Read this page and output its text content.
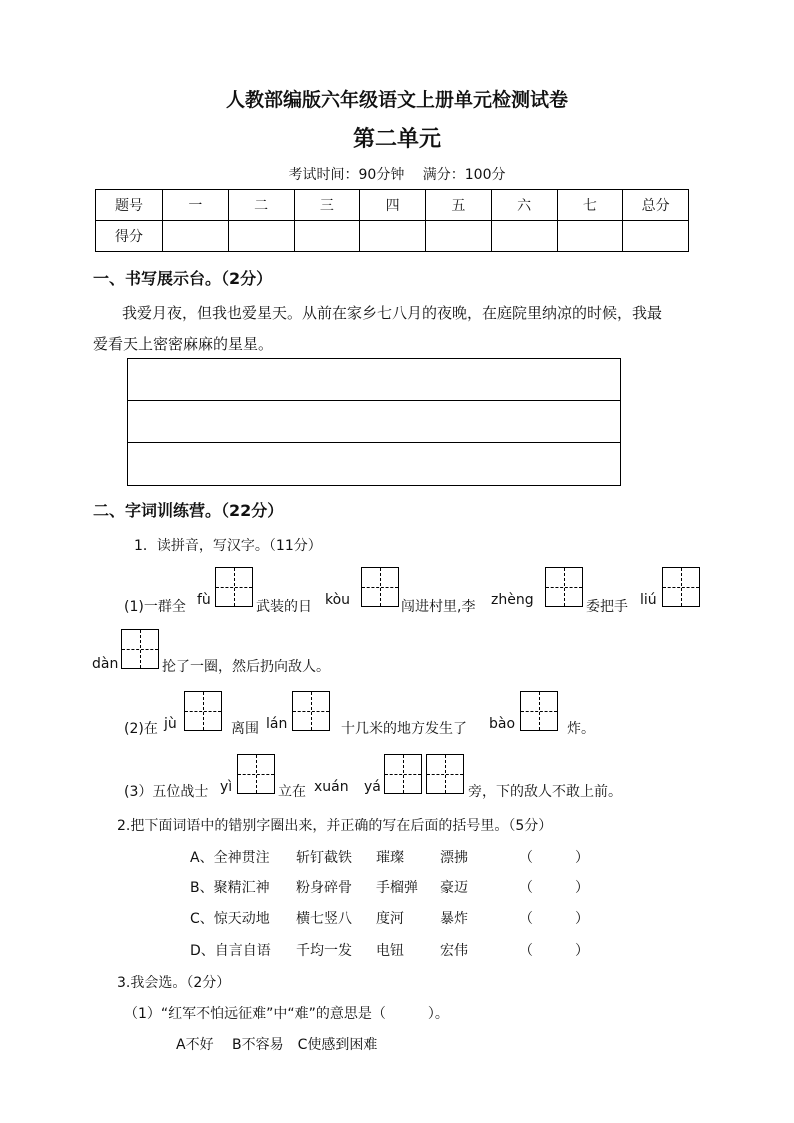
人教部编版六年级语文上册单元检测试卷
第二单元
考试时间：90分钟　 满分：100分
题号	一	二	三	四	五	六	七	总分
得分								
一、书写展示台。（2分）
我爱月夜，但我也爱星天。从前在家乡七八月的夜晚，在庭院里纳凉的时候，我最
爱看天上密密麻麻的星星。
二、字词训练营。（22分）
1．读拼音，写汉字。（11分）
(1)一群全 fù	武装的日 kòu	闯进村里,李 zhèng	委把手 liú
dàn	抡了一圈，然后扔向敌人。
(2)在 jù	离围 lán	十几米的地方发生了 bào	炸。
(3）五位战士 yì	立在 xuán yá	旁，下的敌人不敢上前。
2.把下面词语中的错别字圈出来，并正确的写在后面的括号里。（5分）
A、全神贯注 斩钉截铁 璀璨	漂拂	（　　　）
B、聚精汇神 粉身碎骨 手榴弹 豪迈	（　　　）
C、惊天动地 横七竖八 度河	暴炸	（　　　）
D、自言自语 千均一发 电钮	宏伟	（　　　）
3.我会选。（2分）
（1）“红军不怕远征难”中“难”的意思是（　　　）。
A不好　 B不容易　C使感到困难
